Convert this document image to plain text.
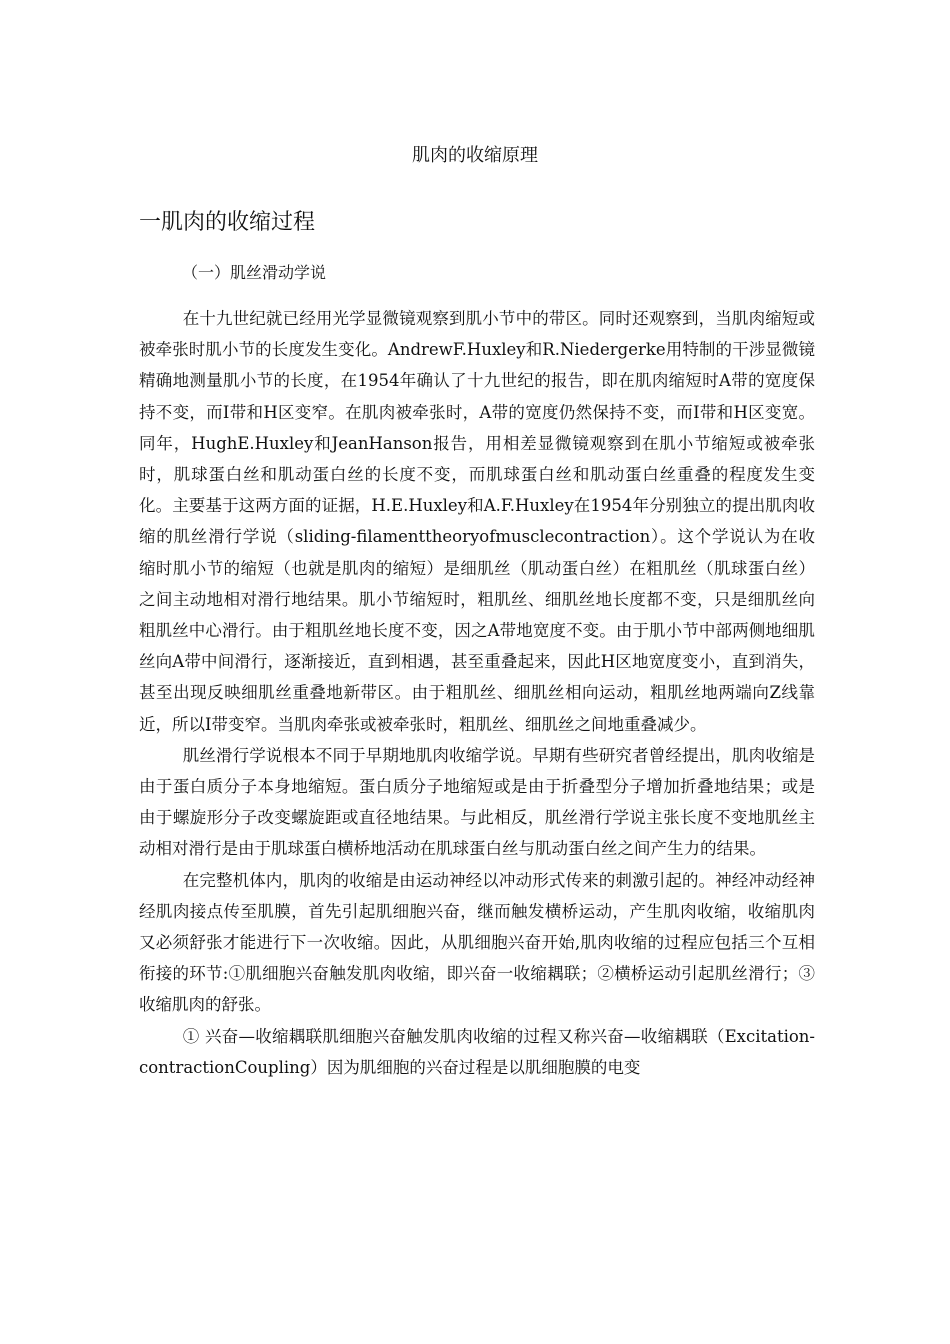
肌肉的收缩原理
一肌肉的收缩过程
（一）肌丝滑动学说

在十九世纪就已经用光学显微镜观察到肌小节中的带区。同时还观察到，当肌肉缩短或被牵张时肌小节的长度发生变化。AndrewF.Huxley和R.Niedergerke用特制的干涉显微镜精确地测量肌小节的长度，在1954年确认了十九世纪的报告，即在肌肉缩短时A带的宽度保持不变，而I带和H区变窄。在肌肉被牵张时，A带的宽度仍然保持不变，而I带和H区变宽。同年，HughE.Huxley和JeanHanson报告，用相差显微镜观察到在肌小节缩短或被牵张时，肌球蛋白丝和肌动蛋白丝的长度不变，而肌球蛋白丝和肌动蛋白丝重叠的程度发生变化。主要基于这两方面的证据，H.E.Huxley和A.F.Huxley在1954年分别独立的提出肌肉收缩的肌丝滑行学说（sliding-filamenttheoryofmusclecontraction）。这个学说认为在收缩时肌小节的缩短（也就是肌肉的缩短）是细肌丝（肌动蛋白丝）在粗肌丝（肌球蛋白丝）之间主动地相对滑行地结果。肌小节缩短时，粗肌丝、细肌丝地长度都不变，只是细肌丝向粗肌丝中心滑行。由于粗肌丝地长度不变，因之A带地宽度不变。由于肌小节中部两侧地细肌丝向A带中间滑行，逐渐接近，直到相遇，甚至重叠起来，因此H区地宽度变小，直到消失，甚至出现反映细肌丝重叠地新带区。由于粗肌丝、细肌丝相向运动，粗肌丝地两端向Z线靠近，所以I带变窄。当肌肉牵张或被牵张时，粗肌丝、细肌丝之间地重叠减少。

肌丝滑行学说根本不同于早期地肌肉收缩学说。早期有些研究者曾经提出，肌肉收缩是由于蛋白质分子本身地缩短。蛋白质分子地缩短或是由于折叠型分子增加折叠地结果；或是由于螺旋形分子改变螺旋距或直径地结果。与此相反，肌丝滑行学说主张长度不变地肌丝主动相对滑行是由于肌球蛋白横桥地活动在肌球蛋白丝与肌动蛋白丝之间产生力的结果。

在完整机体内，肌肉的收缩是由运动神经以冲动形式传来的刺激引起的。神经冲动经神经肌肉接点传至肌膜，首先引起肌细胞兴奋，继而触发横桥运动，产生肌肉收缩，收缩肌肉又必须舒张才能进行下一次收缩。因此，从肌细胞兴奋开始,肌肉收缩的过程应包括三个互相衔接的环节:①肌细胞兴奋触发肌肉收缩，即兴奋一收缩耦联；②横桥运动引起肌丝滑行；③收缩肌肉的舒张。

① 兴奋—收缩耦联肌细胞兴奋触发肌肉收缩的过程又称兴奋—收缩耦联（Excitation-contractionCoupling）因为肌细胞的兴奋过程是以肌细胞膜的电变
